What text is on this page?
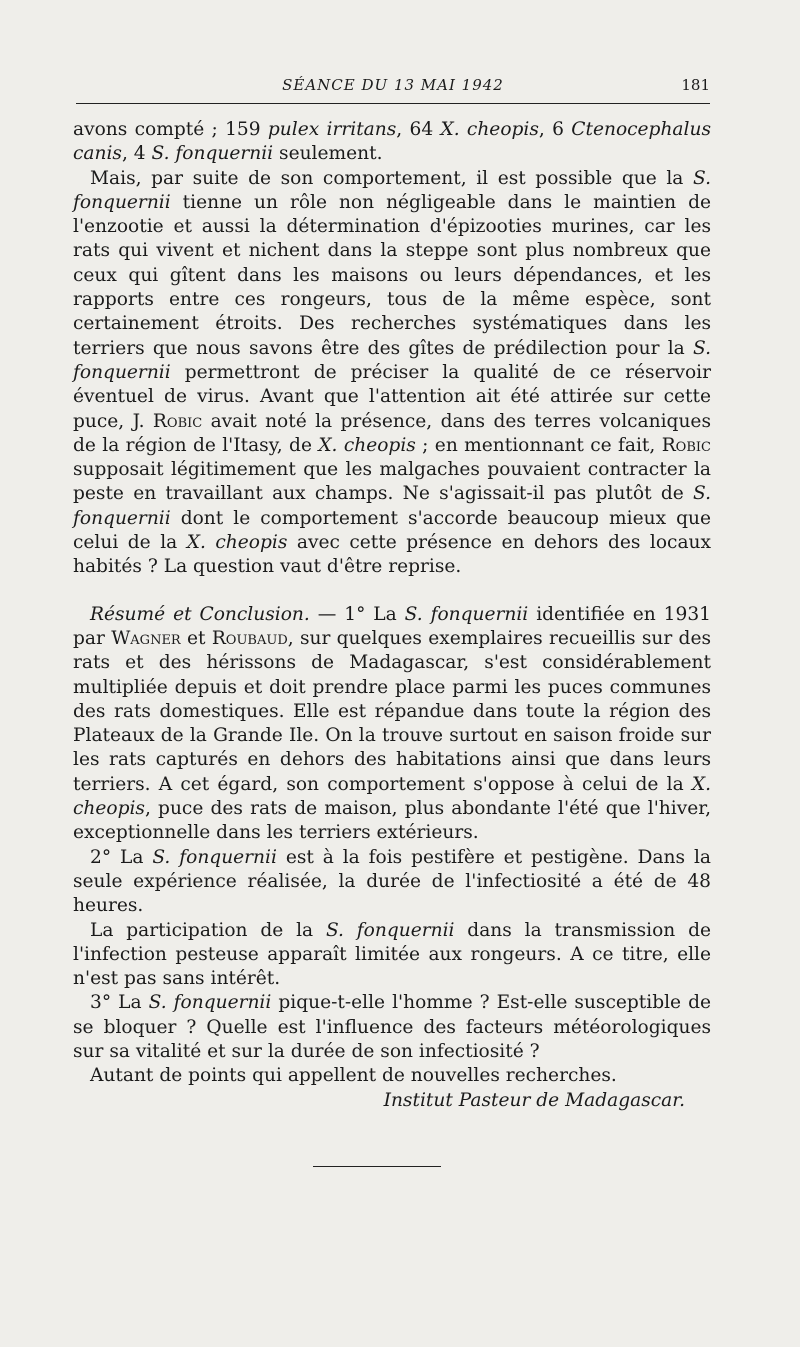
SÉANCE DU 13 MAI 1942	181

avons compté ; 159 pulex irritans, 64 X. cheopis, 6 Ctenocephalus canis, 4 S. fonquernii seulement.

Mais, par suite de son comportement, il est possible que la S. fonquernii tienne un rôle non négligeable dans le maintien de l'enzootie et aussi la détermination d'épizooties murines, car les rats qui vivent et nichent dans la steppe sont plus nombreux que ceux qui gîtent dans les maisons ou leurs dépendances, et les rapports entre ces rongeurs, tous de la même espèce, sont certainement étroits. Des recherches systématiques dans les terriers que nous savons être des gîtes de prédilection pour la S. fonquernii permettront de préciser la qualité de ce réservoir éventuel de virus. Avant que l'attention ait été attirée sur cette puce, J. Robic avait noté la présence, dans des terres volcaniques de la région de l'Itasy, de X. cheopis ; en mentionnant ce fait, Robic supposait légitimement que les malgaches pouvaient contracter la peste en travaillant aux champs. Ne s'agissait-il pas plutôt de S. fonquernii dont le comportement s'accorde beaucoup mieux que celui de la X. cheopis avec cette présence en dehors des locaux habités ? La question vaut d'être reprise.

Résumé et Conclusion. — 1° La S. fonquernii identifiée en 1931 par Wagner et Roubaud, sur quelques exemplaires recueillis sur des rats et des hérissons de Madagascar, s'est considérablement multipliée depuis et doit prendre place parmi les puces communes des rats domestiques. Elle est répandue dans toute la région des Plateaux de la Grande Ile. On la trouve surtout en saison froide sur les rats capturés en dehors des habitations ainsi que dans leurs terriers. A cet égard, son comportement s'oppose à celui de la X. cheopis, puce des rats de maison, plus abondante l'été que l'hiver, exceptionnelle dans les terriers extérieurs.

2° La S. fonquernii est à la fois pestifère et pestigène. Dans la seule expérience réalisée, la durée de l'infectiosité a été de 48 heures.

La participation de la S. fonquernii dans la transmission de l'infection pesteuse apparaît limitée aux rongeurs. A ce titre, elle n'est pas sans intérêt.

3° La S. fonquernii pique-t-elle l'homme ? Est-elle susceptible de se bloquer ? Quelle est l'influence des facteurs météorologiques sur sa vitalité et sur la durée de son infectiosité ?

Autant de points qui appellent de nouvelles recherches.

Institut Pasteur de Madagascar.
